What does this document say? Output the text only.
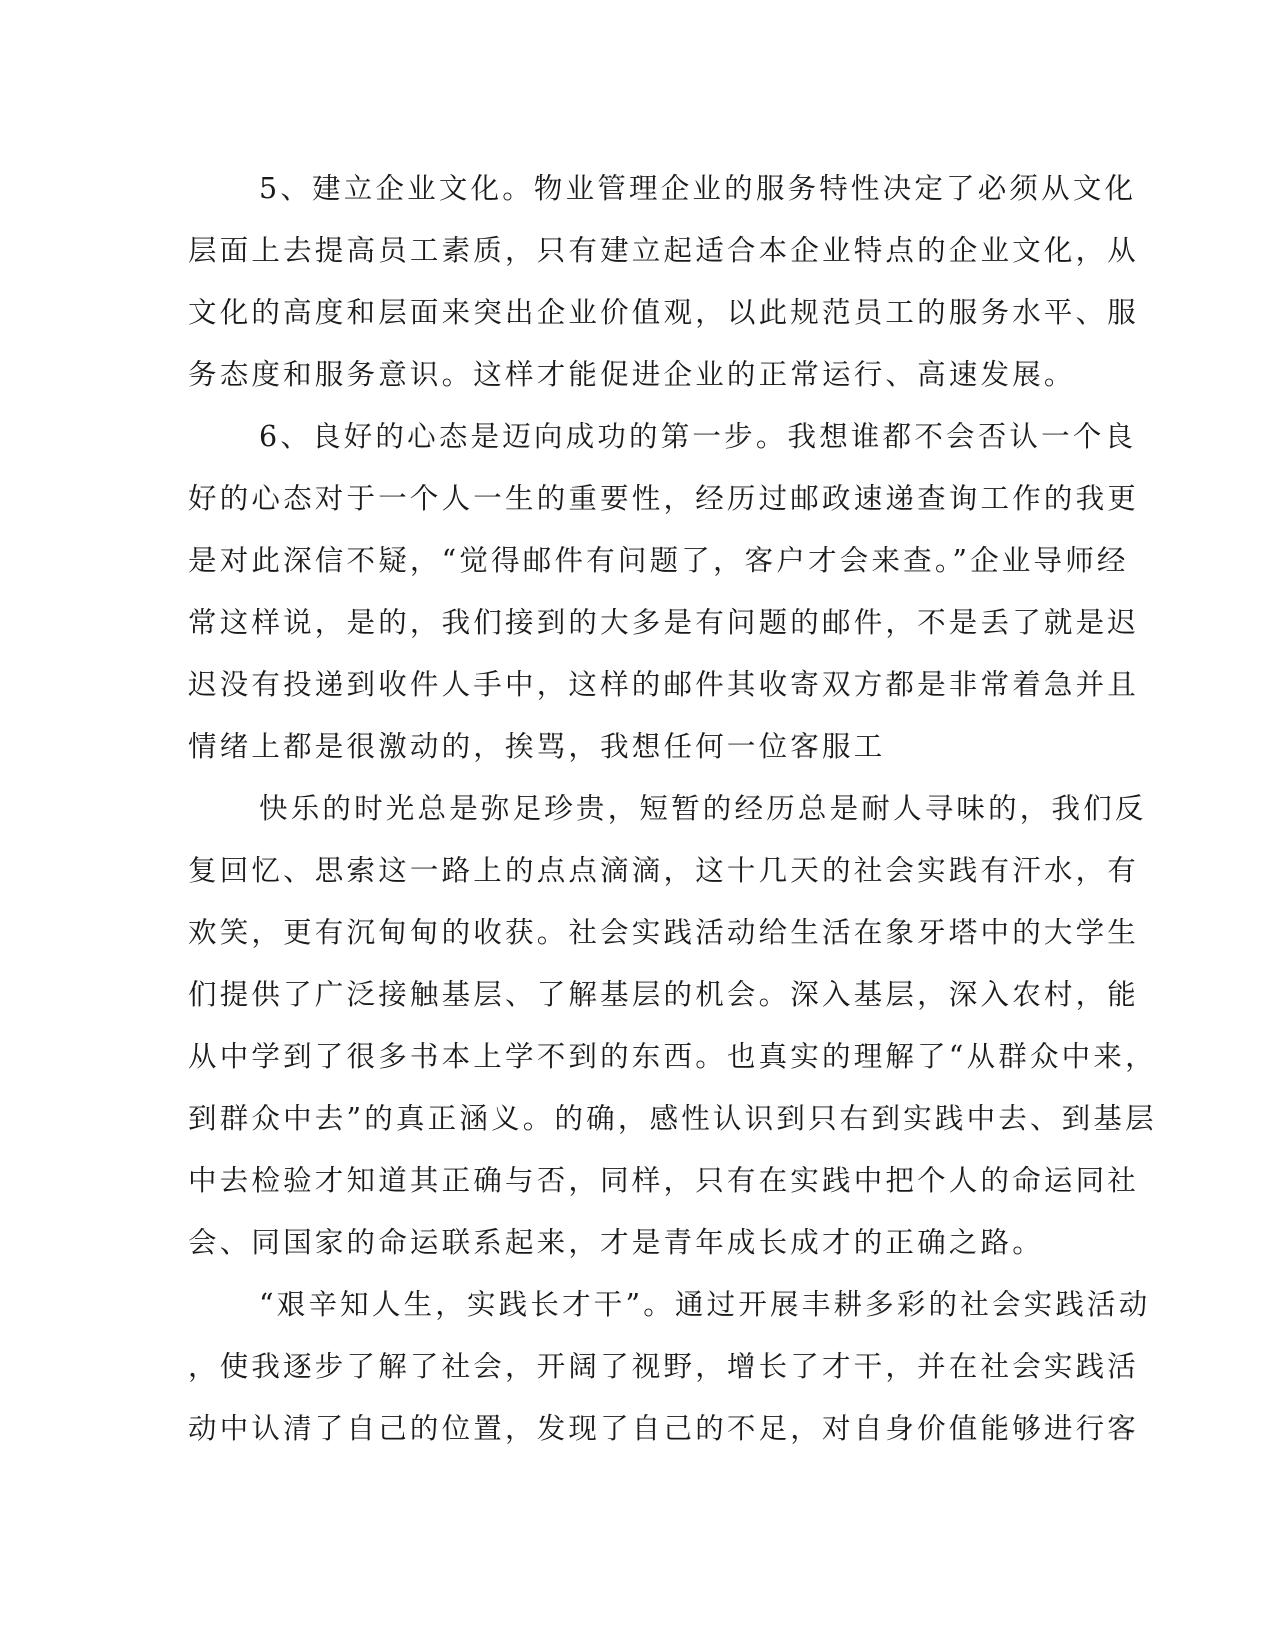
5、建立企业文化。物业管理企业的服务特性决定了必须从文化
层面上去提高员工素质，只有建立起适合本企业特点的企业文化，从
文化的高度和层面来突出企业价值观，以此规范员工的服务水平、服
务态度和服务意识。这样才能促进企业的正常运行、高速发展。
6、良好的心态是迈向成功的第一步。我想谁都不会否认一个良
好的心态对于一个人一生的重要性，经历过邮政速递查询工作的我更
是对此深信不疑，“觉得邮件有问题了，客户才会来查。”企业导师经
常这样说，是的，我们接到的大多是有问题的邮件，不是丢了就是迟
迟没有投递到收件人手中，这样的邮件其收寄双方都是非常着急并且
情绪上都是很激动的，挨骂，我想任何一位客服工
快乐的时光总是弥足珍贵，短暂的经历总是耐人寻味的，我们反
复回忆、思索这一路上的点点滴滴，这十几天的社会实践有汗水，有
欢笑，更有沉甸甸的收获。社会实践活动给生活在象牙塔中的大学生
们提供了广泛接触基层、了解基层的机会。深入基层，深入农村，能
从中学到了很多书本上学不到的东西。也真实的理解了“从群众中来，
到群众中去”的真正涵义。的确，感性认识到只右到实践中去、到基层
中去检验才知道其正确与否，同样，只有在实践中把个人的命运同社
会、同国家的命运联系起来，才是青年成长成才的正确之路。
“艰辛知人生，实践长才干”。通过开展丰耕多彩的社会实践活动
，使我逐步了解了社会，开阔了视野，增长了才干，并在社会实践活
动中认清了自己的位置，发现了自己的不足，对自身价值能够进行客
